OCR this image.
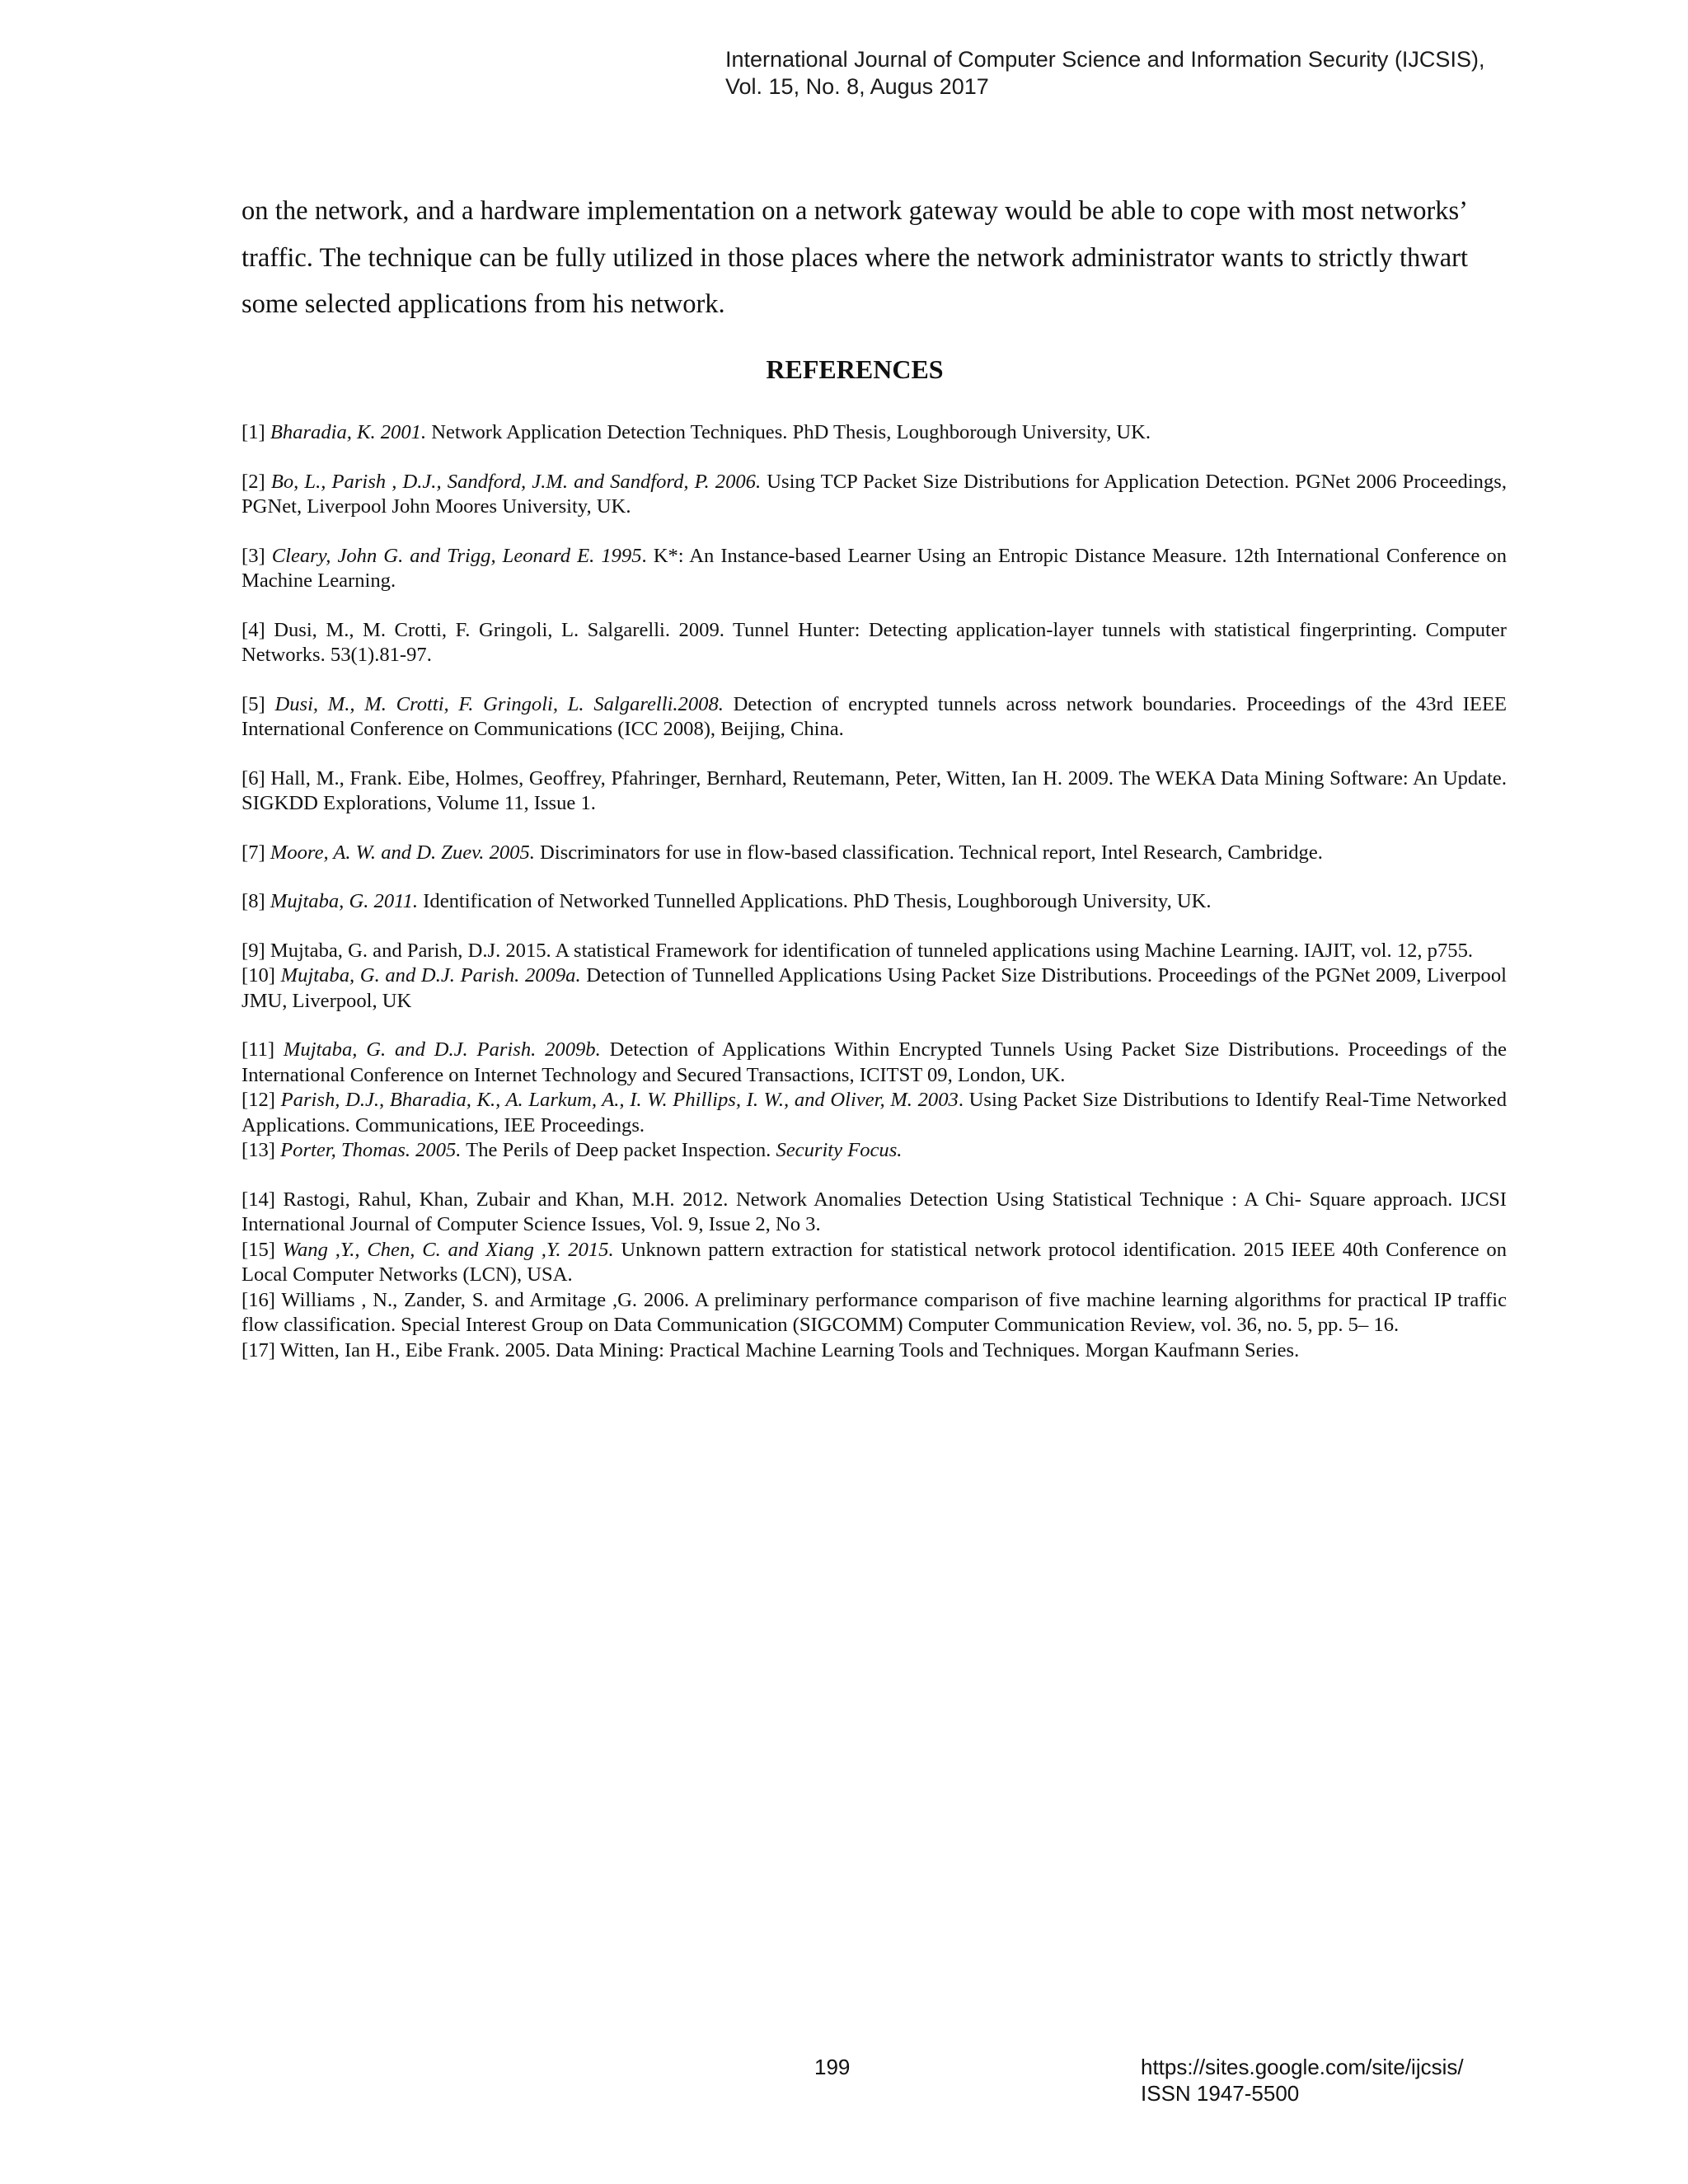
International Journal of Computer Science and Information Security (IJCSIS),
Vol. 15, No. 8, Augus 2017

on the network, and a hardware implementation on a network gateway would be able to cope with most networks’ traffic. The technique can be fully utilized in those places where the network administrator wants to strictly thwart some selected applications from his network.

REFERENCES

[1] Bharadia, K. 2001. Network Application Detection Techniques. PhD Thesis, Loughborough University, UK.

[2] Bo, L., Parish , D.J., Sandford, J.M. and Sandford, P. 2006. Using TCP Packet Size Distributions for Application Detection. PGNet 2006 Proceedings, PGNet, Liverpool John Moores University, UK.

[3] Cleary, John G. and Trigg, Leonard E. 1995. K*: An Instance-based Learner Using an Entropic Distance Measure. 12th International Conference on Machine Learning.

[4] Dusi, M., M. Crotti, F. Gringoli, L. Salgarelli. 2009. Tunnel Hunter: Detecting application-layer tunnels with statistical fingerprinting. Computer Networks. 53(1).81-97.

[5] Dusi, M., M. Crotti, F. Gringoli, L. Salgarelli.2008. Detection of encrypted tunnels across network boundaries. Proceedings of the 43rd IEEE International Conference on Communications (ICC 2008), Beijing, China.

[6] Hall, M., Frank. Eibe, Holmes, Geoffrey, Pfahringer, Bernhard, Reutemann, Peter, Witten, Ian H. 2009. The WEKA Data Mining Software: An Update. SIGKDD Explorations, Volume 11, Issue 1.

[7] Moore, A. W. and D. Zuev. 2005. Discriminators for use in flow-based classification. Technical report, Intel Research, Cambridge.

[8] Mujtaba, G. 2011. Identification of Networked Tunnelled Applications. PhD Thesis, Loughborough University, UK.

[9] Mujtaba, G. and Parish, D.J. 2015. A statistical Framework for identification of tunneled applications using Machine Learning. IAJIT, vol. 12, p755.

[10] Mujtaba, G. and D.J. Parish. 2009a. Detection of Tunnelled Applications Using Packet Size Distributions. Proceedings of the PGNet 2009, Liverpool JMU, Liverpool, UK

[11] Mujtaba, G. and D.J. Parish. 2009b. Detection of Applications Within Encrypted Tunnels Using Packet Size Distributions. Proceedings of the International Conference on Internet Technology and Secured Transactions, ICITST 09, London, UK.

[12] Parish, D.J., Bharadia, K., A. Larkum, A., I. W. Phillips, I. W., and Oliver, M. 2003. Using Packet Size Distributions to Identify Real-Time Networked Applications. Communications, IEE Proceedings.

[13] Porter, Thomas. 2005. The Perils of Deep packet Inspection. Security Focus.

[14] Rastogi, Rahul, Khan, Zubair and Khan, M.H. 2012. Network Anomalies Detection Using Statistical Technique : A Chi- Square approach. IJCSI International Journal of Computer Science Issues, Vol. 9, Issue 2, No 3.

[15] Wang ,Y., Chen, C. and Xiang ,Y. 2015. Unknown pattern extraction for statistical network protocol identification. 2015 IEEE 40th Conference on Local Computer Networks (LCN), USA.

[16] Williams , N., Zander, S. and Armitage ,G. 2006. A preliminary performance comparison of five machine learning algorithms for practical IP traffic flow classification. Special Interest Group on Data Communication (SIGCOMM) Computer Communication Review, vol. 36, no. 5, pp. 5– 16.

[17] Witten, Ian H., Eibe Frank. 2005. Data Mining: Practical Machine Learning Tools and Techniques. Morgan Kaufmann Series.

199	https://sites.google.com/site/ijcsis/
ISSN 1947-5500
